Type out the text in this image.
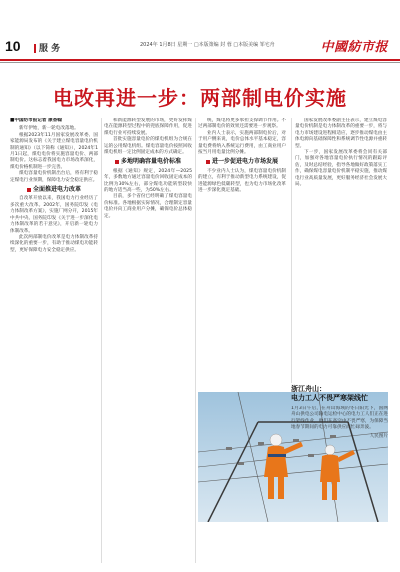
10	服 务	2024年 1月8日 星期一 □本版策编 封 蓉 □本版美编 邹宅舟	中國紡市报
电改再进一步：两部制电价实施

■中国纺市报记者 康香翰

新年伊始，新一轮电改落地。

根据2023年11月国家发展改革委、国家能源局发布的《关于建立煤电容量电价机制的通知》（以下简称《通知》），2024年1月1日起，煤电电价将实施容量电价、两部制电价。这标志着我国电力市场改革深化，煤电价格机制进一步完善。

煤电容量电价机制出台后，将有利于稳定煤电行业预期，保障电力安全稳定供应。

全面推进电力改革

自改革开放以来，我国电力行业经历了多次重大改革。2002年，国务院印发《电力体制改革方案》，实施厂网分开，2015年中共中央、国务院印发《关于进一步深化电力体制改革的若干意见》，开启新一轮电力体制改革。

此次两部制电价改革是电力体制改革持续深化的重要一步，有助于推动煤电功能转型，更好保障电力安全稳定供应。

和新能源转型发展的市场，更好发挥煤电在能源转型过程中的兜底保障作用，促进煤电行业可持续发展。

首批实施容量电价的煤电机组为合规在运的公用煤电机组。煤电容量电价按照回收煤电机组一定比例固定成本的方式确定。

多地明确容量电价标准

根据《通知》规定，2024年—2025年，多数地方通过容量电价回收固定成本的比例为30%左右，部分煤电功能转型较快的地方适当高一些，为50%左右。

目前，多个省份已经明确了煤电容量电价标准。各地根据实际情况，合理制定容量电价并向工商业用户分摊，确保电价总体稳定。

统，煤电将更多承担支撑调节作用。不过两部制电价的效果还需要进一步观察。

业内人士表示，实施两部制电价后，对于用户侧来说，电价总体水平基本稳定，容量电费将纳入系统运行费用，由工商业用户按当月用电量比例分摊。

进一步促进电力市场发展

不少业内人士认为，煤电容量电价机制的建立，有利于推动新型电力系统建设，促进能源绿色低碳转型，也为电力市场化改革进一步深化奠定基础。

国家发展改革委副主任表示，建立煤电容量电价机制是电力体制改革的重要一步，将与电力市场建设进程相适应，逐步推动煤电由主体电源向基础保障性和系统调节性电源并重转型。

下一步，国家发展改革委将会同有关部门，加强对各地容量电价执行情况的跟踪评估，及时总结经验，指导各地做好政策落实工作，确保煤电容量电价机制平稳实施，推动煤电行业高质量发展，更好服务经济社会发展大局。

浙江舟山：
电力工人不畏严寒架线忙
1月3日午后，在舟山海域的冬日阳光下，国网舟山供电公司输电运检中心的电力工人们正在进行架线作业，他们在高空中不畏严寒，为保障当地春节期间的电力可靠供应而忙碌奔波。
人民图片
